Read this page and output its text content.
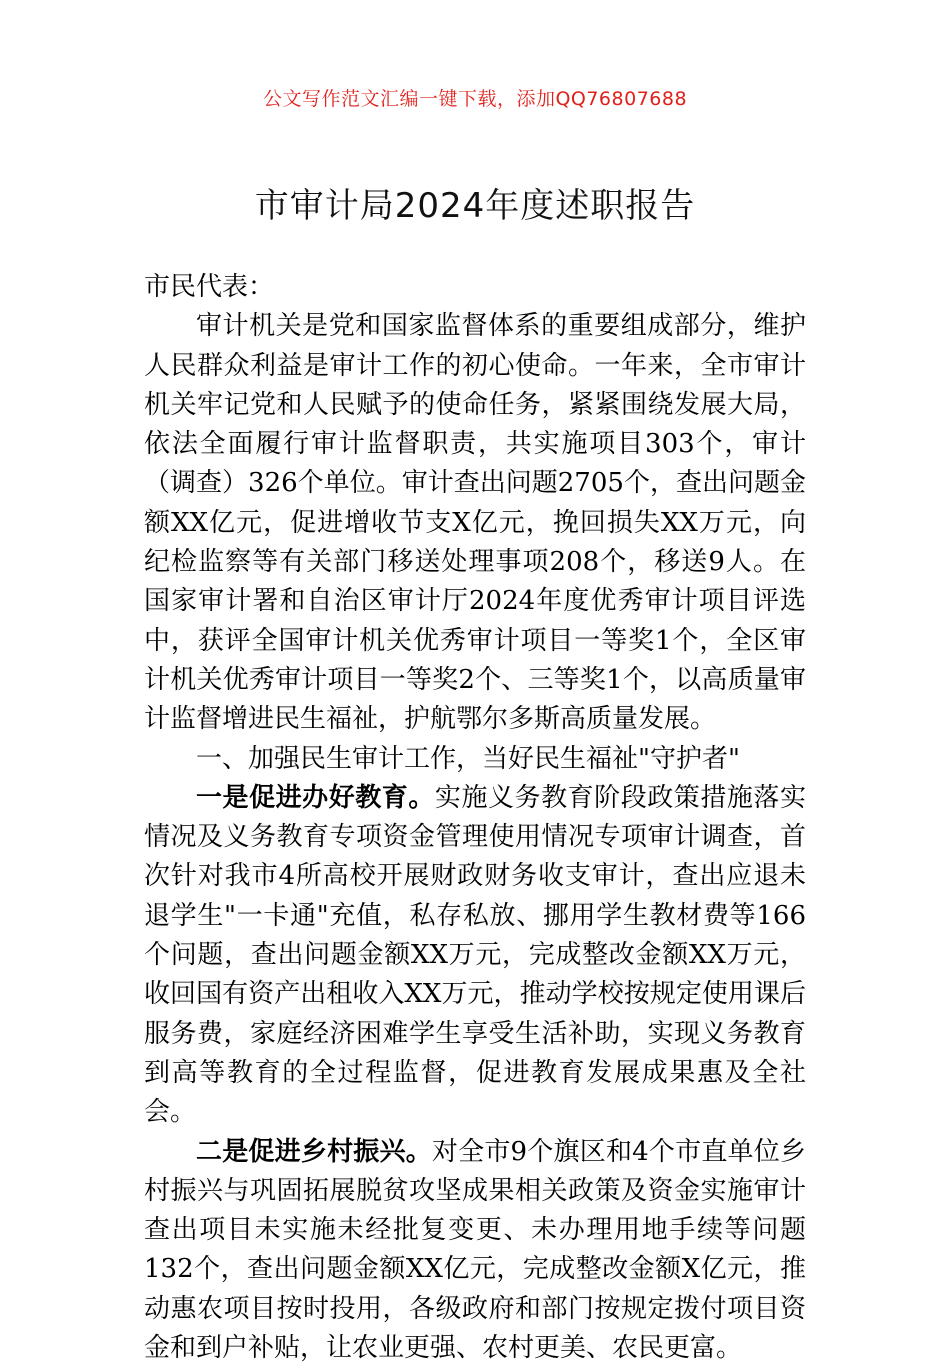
公文写作范文汇编一键下载，添加QQ76807688
市审计局2024年度述职报告

市民代表：

审计机关是党和国家监督体系的重要组成部分，维护人民群众利益是审计工作的初心使命。一年来，全市审计机关牢记党和人民赋予的使命任务，紧紧围绕发展大局，依法全面履行审计监督职责，共实施项目303个，审计（调查）326个单位。审计查出问题2705个，查出问题金额XX亿元，促进增收节支X亿元，挽回损失XX万元，向纪检监察等有关部门移送处理事项208个，移送9人。在国家审计署和自治区审计厅2024年度优秀审计项目评选中，获评全国审计机关优秀审计项目一等奖1个，全区审计机关优秀审计项目一等奖2个、三等奖1个，以高质量审计监督增进民生福祉，护航鄂尔多斯高质量发展。

一、加强民生审计工作，当好民生福祉"守护者"

一是促进办好教育。实施义务教育阶段政策措施落实情况及义务教育专项资金管理使用情况专项审计调查，首次针对我市4所高校开展财政财务收支审计，查出应退未退学生"一卡通"充值，私存私放、挪用学生教材费等166个问题，查出问题金额XX万元，完成整改金额XX万元，收回国有资产出租收入XX万元，推动学校按规定使用课后服务费，家庭经济困难学生享受生活补助，实现义务教育到高等教育的全过程监督，促进教育发展成果惠及全社会。

二是促进乡村振兴。对全市9个旗区和4个市直单位乡村振兴与巩固拓展脱贫攻坚成果相关政策及资金实施审计查出项目未实施未经批复变更、未办理用地手续等问题132个，查出问题金额XX亿元，完成整改金额X亿元，推动惠农项目按时投用，各级政府和部门按规定拨付项目资金和到户补贴，让农业更强、农村更美、农民更富。
